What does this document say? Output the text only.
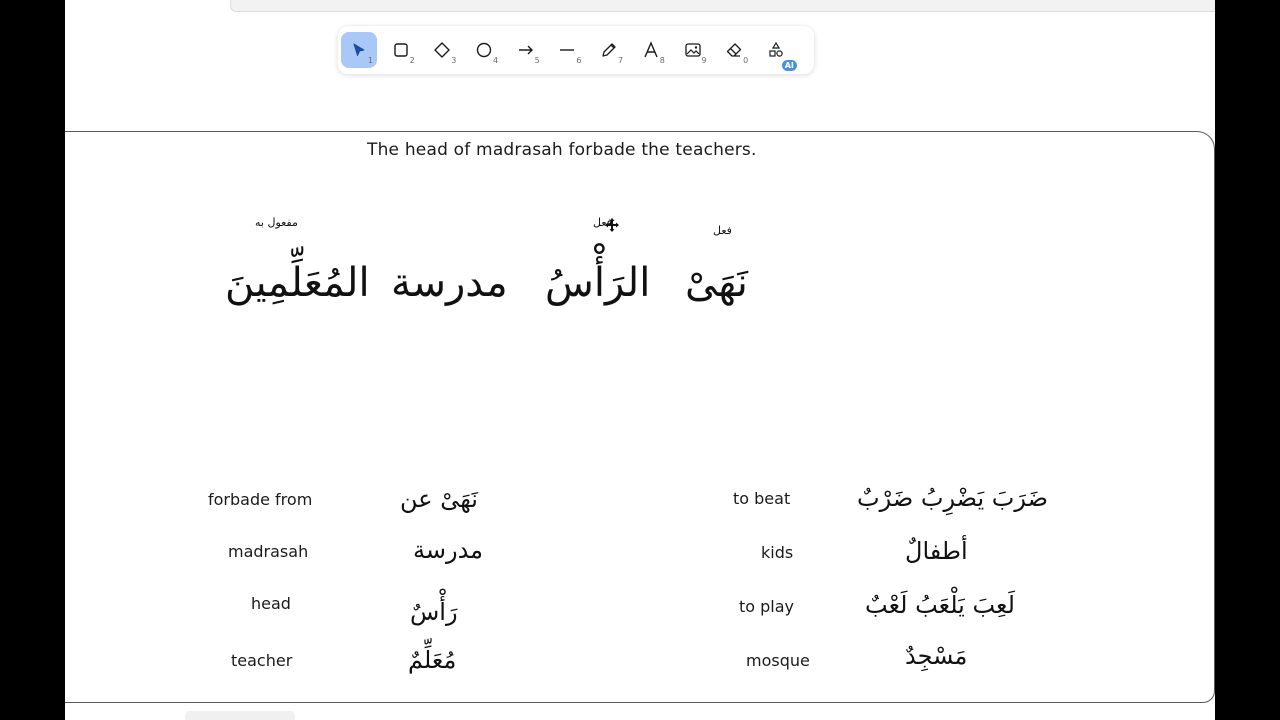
1	2	3	4	5	6	7	8	9	0
AI
The head of madrasah forbade the teachers.
مفعول به	فعل
فعل
المُعَلِّمِينَ مدرسة الرَأْسُ نَهَىْ
forbade from	نَهَىْ عن
madrasah	مدرسة
head	رَأْسٌ
teacher	مُعَلِّمٌ
to beat	ضَرَبَ يَضْرِبُ ضَرْبٌ
kids	أطفالٌ
to play	لَعِبَ يَلْعَبُ لَعْبٌ
mosque	مَسْجِدٌ
